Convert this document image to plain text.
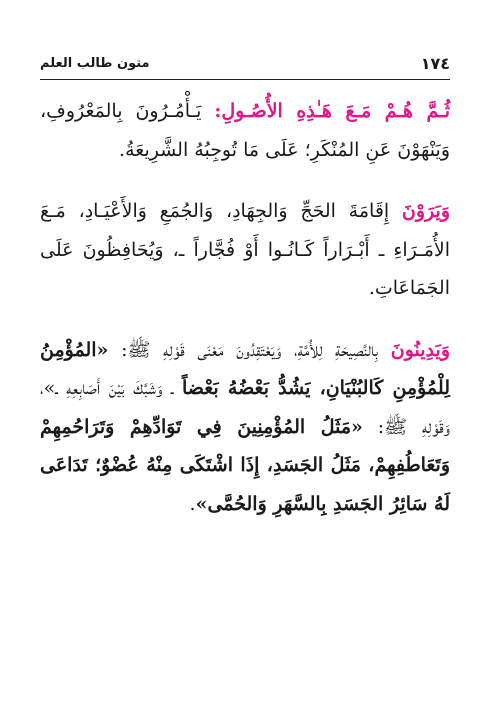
١٧٤
متون طالب العلم

ثُـمَّ هُـمْ مَـعَ هَـٰذِهِ الأُصُـولِ: يَـأْمُـرُونَ بِالمَعْرُوفِ، وَيَنْهَوْنَ عَنِ المُنْكَرِ؛ عَلَى مَا تُوجِبُهُ الشَّرِيعَةُ.

وَيَرَوْنَ إِقَامَةَ الحَجِّ وَالجِهَادِ، وَالجُمَعِ وَالأَعْيَـادِ، مَـعَ الأُمَـرَاءِ ـ أَبْـرَاراً كَـانُـوا أَوْ فُجَّاراً ـ، وَيُحَافِظُونَ عَلَى الجَمَاعَاتِ.

وَيَدِينُونَ بِالنَّصِيحَةِ لِلأُمَّةِ، وَيَعْتَقِدُونَ مَعْنَى قَوْلِهِ ﷺ: «المُؤْمِنُ لِلْمُؤْمِنِ كَالبُنْيَانِ، يَشُدُّ بَعْضُهُ بَعْضاً ـ وَشَبَّكَ بَيْنَ أَصَابِعِهِ ـ»، وَقَوْلِهِ ﷺ: «مَثَلُ المُؤْمِنِينَ فِي تَوَادِّهِمْ وَتَرَاحُمِهِمْ وَتَعَاطُفِهِمْ، مَثَلُ الجَسَدِ، إِذَا اشْتَكَى مِنْهُ عُضْوٌ؛ تَدَاعَى لَهُ سَائِرُ الجَسَدِ بِالسَّهَرِ وَالحُمَّى».
